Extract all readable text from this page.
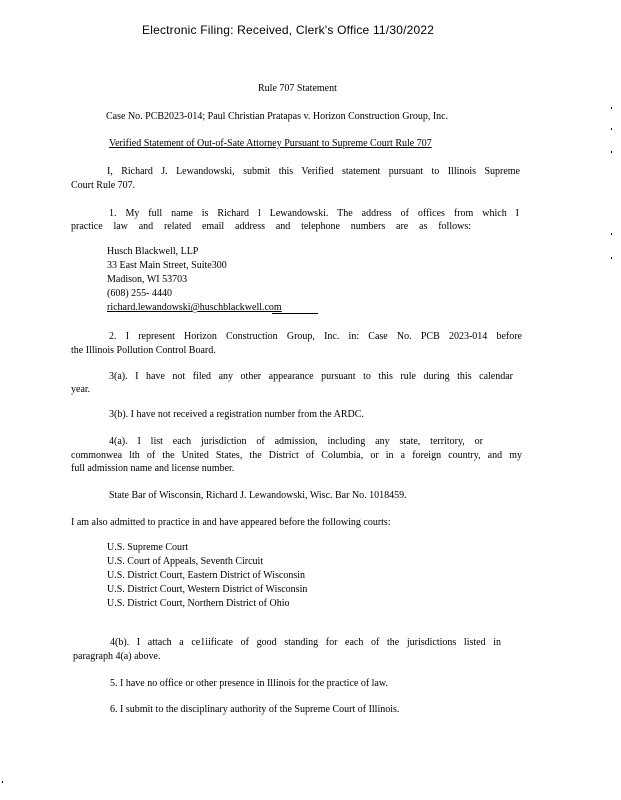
Electronic Filing: Received, Clerk's Office 11/30/2022
Rule 707 Statement
Case No. PCB2023-014; Paul Christian Pratapas v. Horizon Construction Group, Inc.
Verified Statement of Out-of-Sate Attorney Pursuant to Supreme Court Rule 707
I, Richard J. Lewandowski, submit this Verified statement pursuant to Illinois Supreme
Court Rule 707.
1. My full name is Richard l Lewandowski. The address of offices from which I
practice law and related email address and telephone numbers are as follows:
Husch Blackwell, LLP
33 East Main Street, Suite300
Madison, WI 53703
(608) 255- 4440
richard.lewandowski@huschblackwell.com
2. I represent Horizon Construction Group, Inc. in: Case No. PCB 2023-014 before
the Illinois Pollution Control Board.
3(a). I have not filed any other appearance pursuant to this rule during this calendar
year.
3(b). I have not received a registration number from the ARDC.
4(a). I list each jurisdiction of admission, including any state, territory, or
commonwea lth of the United States, the District of Columbia, or in a foreign country, and my
full admission name and license number.
State Bar of Wisconsin, Richard J. Lewandowski, Wisc. Bar No. 1018459.
I am also admitted to practice in and have appeared before the following courts:
U.S. Supreme Court
U.S. Court of Appeals, Seventh Circuit
U.S. District Court, Eastern District of Wisconsin
U.S. District Court, Western District of Wisconsin
U.S. District Court, Northern District of Ohio
4(b). I attach a ce1iificate of good standing for each of the jurisdictions listed in
paragraph 4(a) above.
5. I have no office or other presence in Illinois for the practice of law.
6. I submit to the disciplinary authority of the Supreme Court of Illinois.
